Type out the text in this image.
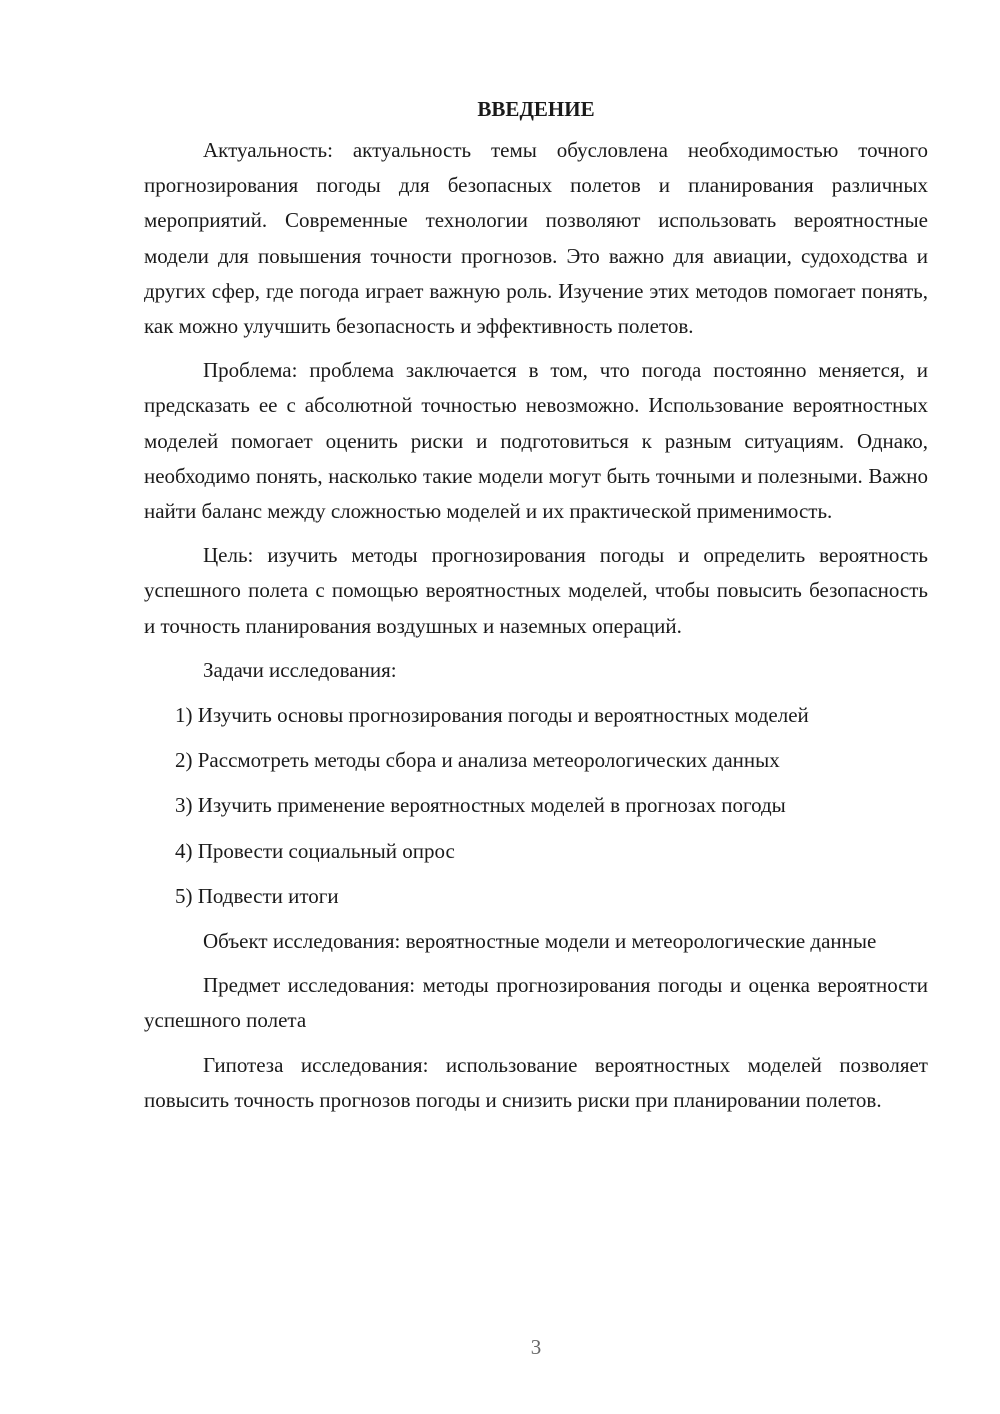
ВВЕДЕНИЕ

Актуальность: актуальность темы обусловлена необходимостью точного прогнозирования погоды для безопасных полетов и планирования различных мероприятий. Современные технологии позволяют использовать вероятностные модели для повышения точности прогнозов. Это важно для авиации, судоходства и других сфер, где погода играет важную роль. Изучение этих методов помогает понять, как можно улучшить безопасность и эффективность полетов.

Проблема: проблема заключается в том, что погода постоянно меняется, и предсказать ее с абсолютной точностью невозможно. Использование вероятностных моделей помогает оценить риски и подготовиться к разным ситуациям. Однако, необходимо понять, насколько такие модели могут быть точными и полезными. Важно найти баланс между сложностью моделей и их практической применимость.

Цель: изучить методы прогнозирования погоды и определить вероятность успешного полета с помощью вероятностных моделей, чтобы повысить безопасность и точность планирования воздушных и наземных операций.

Задачи исследования:

1) Изучить основы прогнозирования погоды и вероятностных моделей

2) Рассмотреть методы сбора и анализа метеорологических данных

3) Изучить применение вероятностных моделей в прогнозах погоды

4) Провести социальный опрос

5) Подвести итоги

Объект исследования: вероятностные модели и метеорологические данные

Предмет исследования: методы прогнозирования погоды и оценка вероятности успешного полета

Гипотеза исследования: использование вероятностных моделей позволяет повысить точность прогнозов погоды и снизить риски при планировании полетов.

3
